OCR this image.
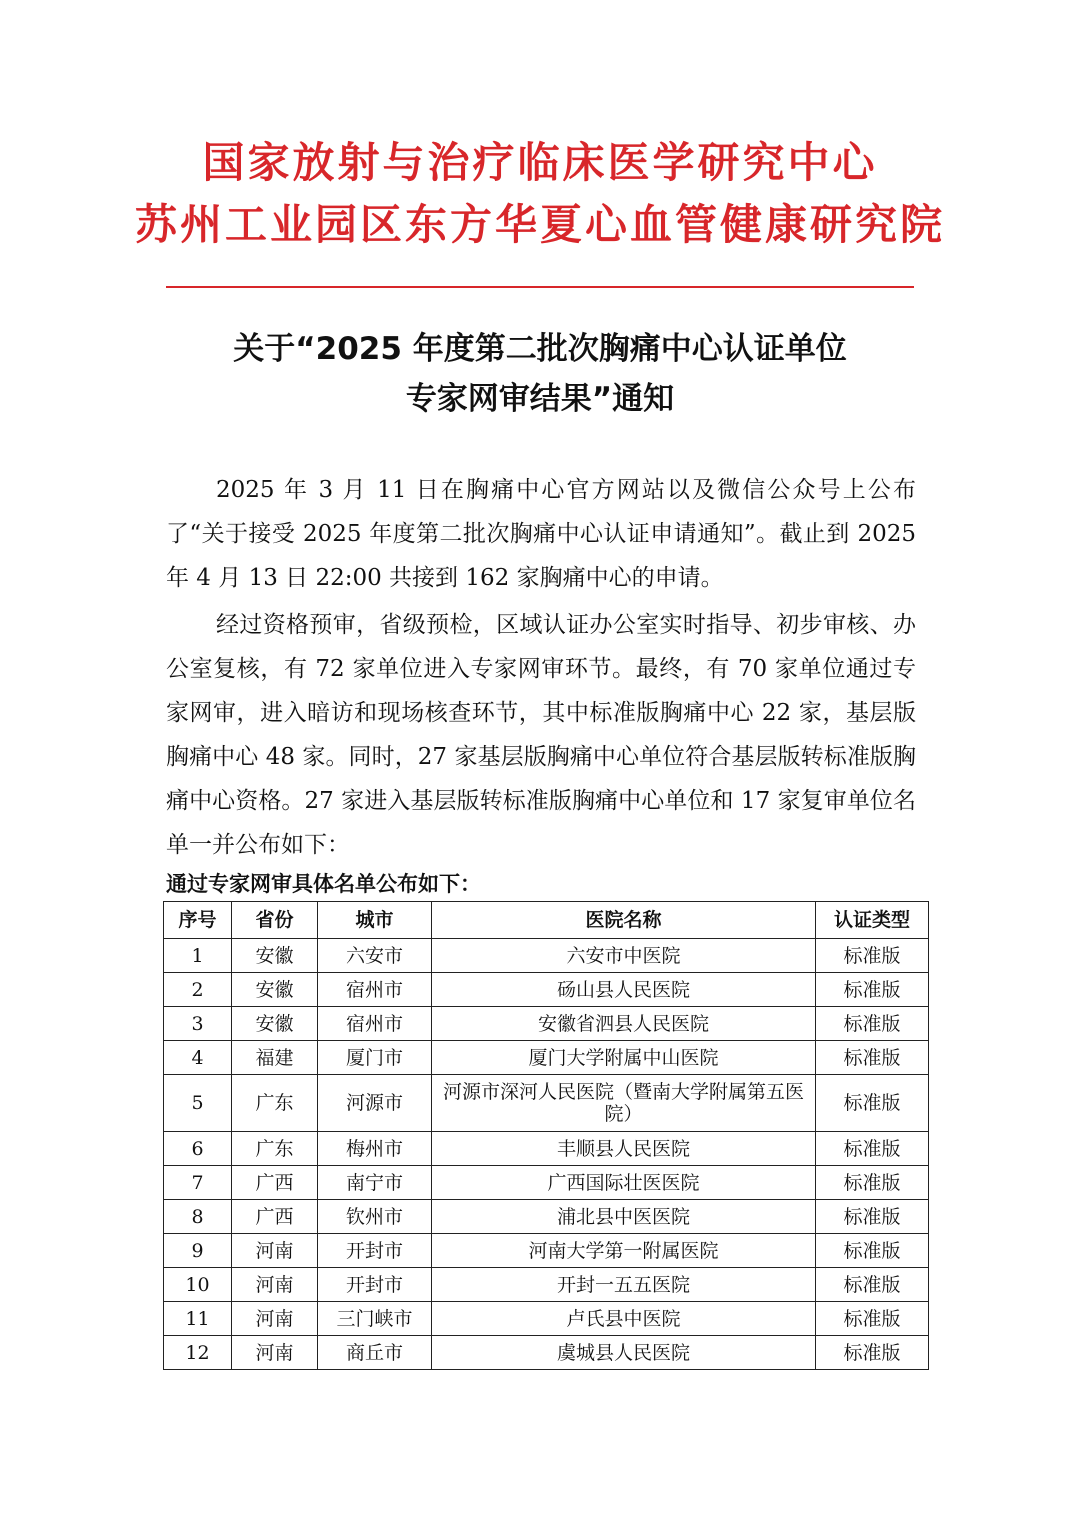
国家放射与治疗临床医学研究中心
苏州工业园区东方华夏心血管健康研究院
关于“2025 年度第二批次胸痛中心认证单位
专家网审结果”通知

2025 年 3 月 11 日在胸痛中心官方网站以及微信公众号上公布了“关于接受 2025 年度第二批次胸痛中心认证申请通知”。截止到 2025 年 4 月 13 日 22:00 共接到 162 家胸痛中心的申请。

经过资格预审，省级预检，区域认证办公室实时指导、初步审核、办公室复核，有 72 家单位进入专家网审环节。最终，有 70 家单位通过专家网审，进入暗访和现场核查环节，其中标准版胸痛中心 22 家，基层版胸痛中心 48 家。同时，27 家基层版胸痛中心单位符合基层版转标准版胸痛中心资格。27 家进入基层版转标准版胸痛中心单位和 17 家复审单位名单一并公布如下：

通过专家网审具体名单公布如下：
序号	省份	城市	医院名称	认证类型
1	安徽	六安市	六安市中医院	标准版
2	安徽	宿州市	砀山县人民医院	标准版
3	安徽	宿州市	安徽省泗县人民医院	标准版
4	福建	厦门市	厦门大学附属中山医院	标准版
5	广东	河源市	河源市深河人民医院（暨南大学附属第五医院）	标准版
6	广东	梅州市	丰顺县人民医院	标准版
7	广西	南宁市	广西国际壮医医院	标准版
8	广西	钦州市	浦北县中医医院	标准版
9	河南	开封市	河南大学第一附属医院	标准版
10	河南	开封市	开封一五五医院	标准版
11	河南	三门峡市	卢氏县中医院	标准版
12	河南	商丘市	虞城县人民医院	标准版
